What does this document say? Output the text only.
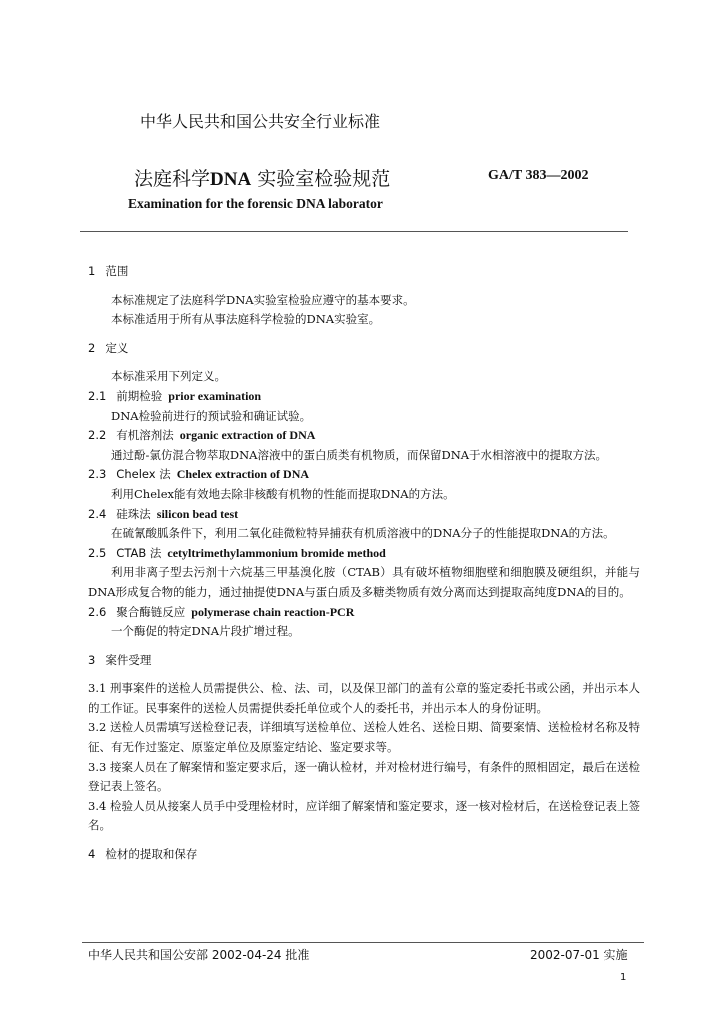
中华人民共和国公共安全行业标准
法庭科学DNA 实验室检验规范	GA/T 383—2002
Examination for the forensic DNA laborator
1 范围
本标准规定了法庭科学DNA实验室检验应遵守的基本要求。
本标准适用于所有从事法庭科学检验的DNA实验室。
2 定义
本标准采用下列定义。
2.1 前期检验 prior examination
DNA检验前进行的预试验和确证试验。
2.2 有机溶剂法 organic extraction of DNA
通过酚-氯仿混合物萃取DNA溶液中的蛋白质类有机物质，而保留DNA于水相溶液中的提取方法。
2.3 Chelex 法 Chelex extraction of DNA
利用Chelex能有效地去除非核酸有机物的性能而提取DNA的方法。
2.4 硅珠法 silicon bead test
在硫氰酸胍条件下，利用二氧化硅微粒特异捕获有机质溶液中的DNA分子的性能提取DNA的方法。
2.5 CTAB 法 cetyltrimethylammonium bromide method
利用非离子型去污剂十六烷基三甲基溴化胺（CTAB）具有破坏植物细胞壁和细胞膜及硬组织，并能与DNA形成复合物的能力，通过抽提使DNA与蛋白质及多糖类物质有效分离而达到提取高纯度DNA的目的。
2.6 聚合酶链反应 polymerase chain reaction-PCR
一个酶促的特定DNA片段扩增过程。
3 案件受理
3.1 刑事案件的送检人员需提供公、检、法、司，以及保卫部门的盖有公章的鉴定委托书或公函，并出示本人的工作证。民事案件的送检人员需提供委托单位或个人的委托书，并出示本人的身份证明。
3.2 送检人员需填写送检登记表，详细填写送检单位、送检人姓名、送检日期、简要案情、送检检材名称及特征、有无作过鉴定、原鉴定单位及原鉴定结论、鉴定要求等。
3.3 接案人员在了解案情和鉴定要求后，逐一确认检材，并对检材进行编号，有条件的照相固定，最后在送检登记表上签名。
3.4 检验人员从接案人员手中受理检材时，应详细了解案情和鉴定要求，逐一核对检材后，在送检登记表上签名。
4 检材的提取和保存
中华人民共和国公安部 2002-04-24 批准	2002-07-01 实施
1
